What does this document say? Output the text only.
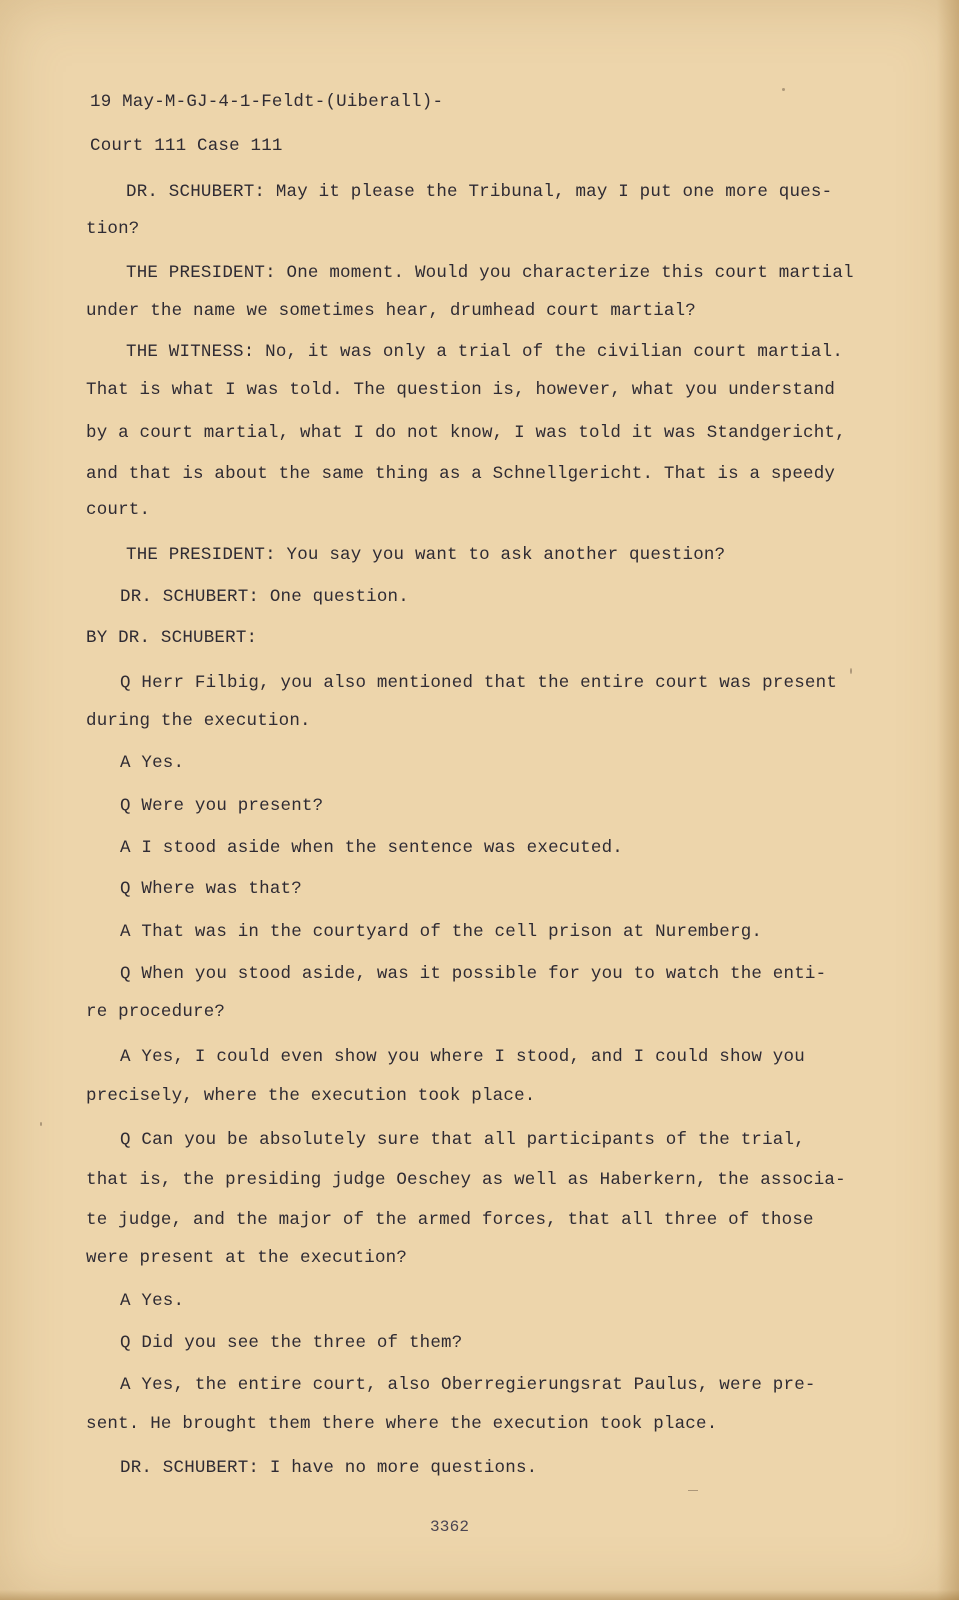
19 May-M-GJ-4-1-Feldt-(Uiberall)-
Court 111 Case 111
DR. SCHUBERT: May it please the Tribunal, may I put one more ques-
tion?
THE PRESIDENT: One moment. Would you characterize this court martial
under the name we sometimes hear, drumhead court martial?
THE WITNESS: No, it was only a trial of the civilian court martial.
That is what I was told. The question is, however, what you understand
by a court martial, what I do not know, I was told it was Standgericht,
and that is about the same thing as a Schnellgericht. That is a speedy
court.
THE PRESIDENT: You say you want to ask another question?
DR. SCHUBERT: One question.
BY DR. SCHUBERT:
Q Herr Filbig, you also mentioned that the entire court was present
during the execution.
A Yes.
Q Were you present?
A I stood aside when the sentence was executed.
Q Where was that?
A That was in the courtyard of the cell prison at Nuremberg.
Q When you stood aside, was it possible for you to watch the enti-
re procedure?
A Yes, I could even show you where I stood, and I could show you
precisely, where the execution took place.
Q Can you be absolutely sure that all participants of the trial,
that is, the presiding judge Oeschey as well as Haberkern, the associa-
te judge, and the major of the armed forces, that all three of those
were present at the execution?
A Yes.
Q Did you see the three of them?
A Yes, the entire court, also Oberregierungsrat Paulus, were pre-
sent. He brought them there where the execution took place.
DR. SCHUBERT: I have no more questions.
3362
